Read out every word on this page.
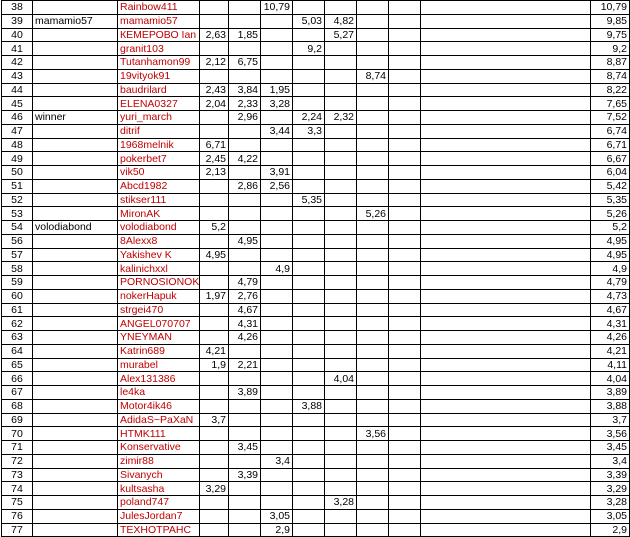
38		Rainbow411			10,79						10,79
39	mamamio57	mamamio57				5,03	4,82				9,85
40		КЕМЕРОВО Ian	2,63	1,85			5,27				9,75
41		granit103				9,2					9,2
42		Tutanhamon99	2,12	6,75							8,87
43		19vityok91						8,74			8,74
44		baudrilard	2,43	3,84	1,95						8,22
45		ELENA0327	2,04	2,33	3,28						7,65
46	winner	yuri_march		2,96		2,24	2,32				7,52
47		ditrif			3,44	3,3					6,74
48		1968melnik	6,71								6,71
49		pokerbet7	2,45	4,22							6,67
50		vik50	2,13		3,91						6,04
51		Abcd1982		2,86	2,56						5,42
52		stikser111				5,35					5,35
53		MironAK						5,26			5,26
54	volodiabond	volodiabond	5,2								5,2
56		8Alexx8		4,95							4,95
57		Yakishev K	4,95								4,95
58		kalinichxxl			4,9						4,9
59		PORNOSIONOK		4,79							4,79
60		nokerHapuk	1,97	2,76							4,73
61		strgei470		4,67							4,67
62		ANGEL070707		4,31							4,31
63		YNEYMAN		4,26							4,26
64		Katrin689	4,21								4,21
65		murabel	1,9	2,21							4,11
66		Alex131386					4,04				4,04
67		le4ka		3,89							3,89
68		Motor4ik46				3,88					3,88
69		AdidaS~PaXaN	3,7								3,7
70		HTMK111						3,56			3,56
71		Konservative		3,45							3,45
72		zimir88			3,4						3,4
73		Sivanych		3,39							3,39
74		kultsasha	3,29								3,29
75		poland747					3,28				3,28
76		JulesJordan7			3,05						3,05
77		ТЕХНОТРАНС			2,9						2,9
